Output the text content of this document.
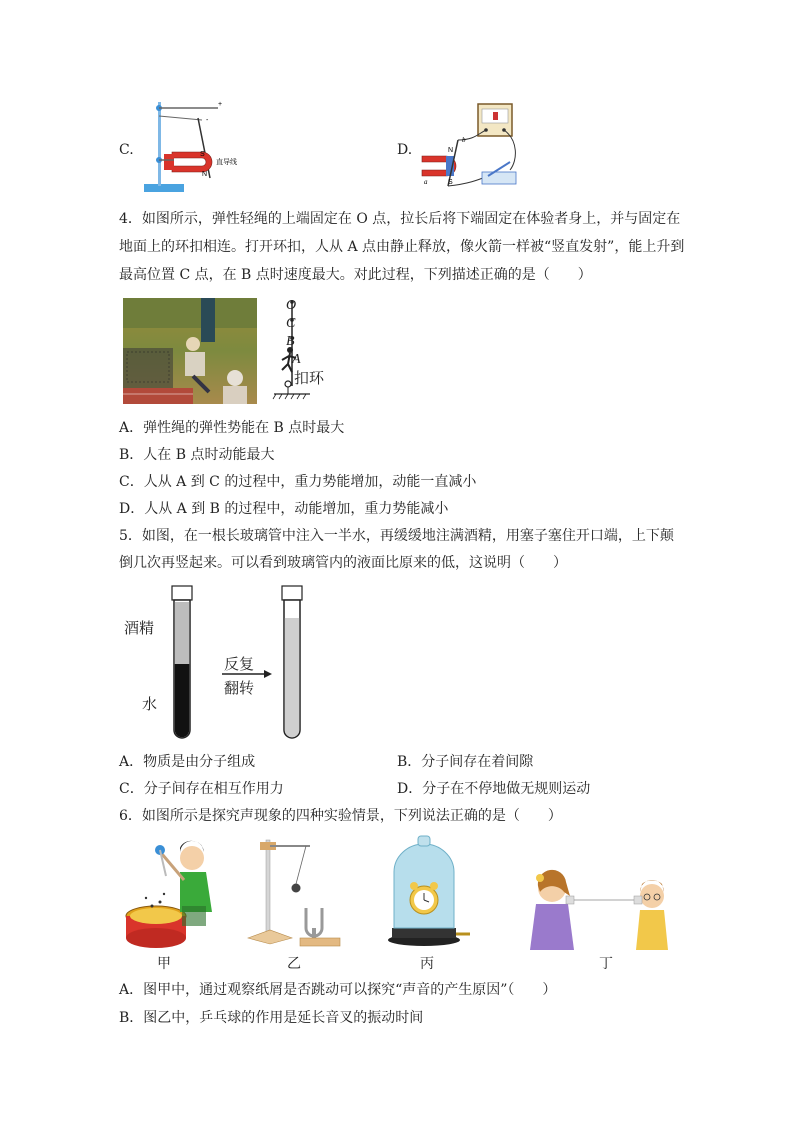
C.
+
-
S
N
直导线
D.	N
S
b
a
4．如图所示，弹性轻绳的上端固定在 O 点，拉长后将下端固定在体验者身上，并与固定在
地面上的环扣相连。打开环扣，人从 A 点由静止释放，像火箭一样被“竖直发射”，能上升到
最高位置 C 点，在 B 点时速度最大。对此过程，下列描述正确的是（　　）
O
C
B
A
扣环
A．弹性绳的弹性势能在 B 点时最大
B．人在 B 点时动能最大
C．人从 A 到 C 的过程中，重力势能增加，动能一直减小
D．人从 A 到 B 的过程中，动能增加，重力势能减小
5．如图，在一根长玻璃管中注入一半水，再缓缓地注满酒精，用塞子塞住开口端，上下颠
倒几次再竖起来。可以看到玻璃管内的液面比原来的低，这说明（　　）
酒精
水
反复
翻转
A．物质是由分子组成	B．分子间存在着间隙
C．分子间存在相互作用力	D．分子在不停地做无规则运动
6．如图所示是探究声现象的四种实验情景，下列说法正确的是（　　）
甲	乙	丙	丁
A．图甲中，通过观察纸屑是否跳动可以探究“声音的产生原因”（　　）
B．图乙中，乒乓球的作用是延长音叉的振动时间
